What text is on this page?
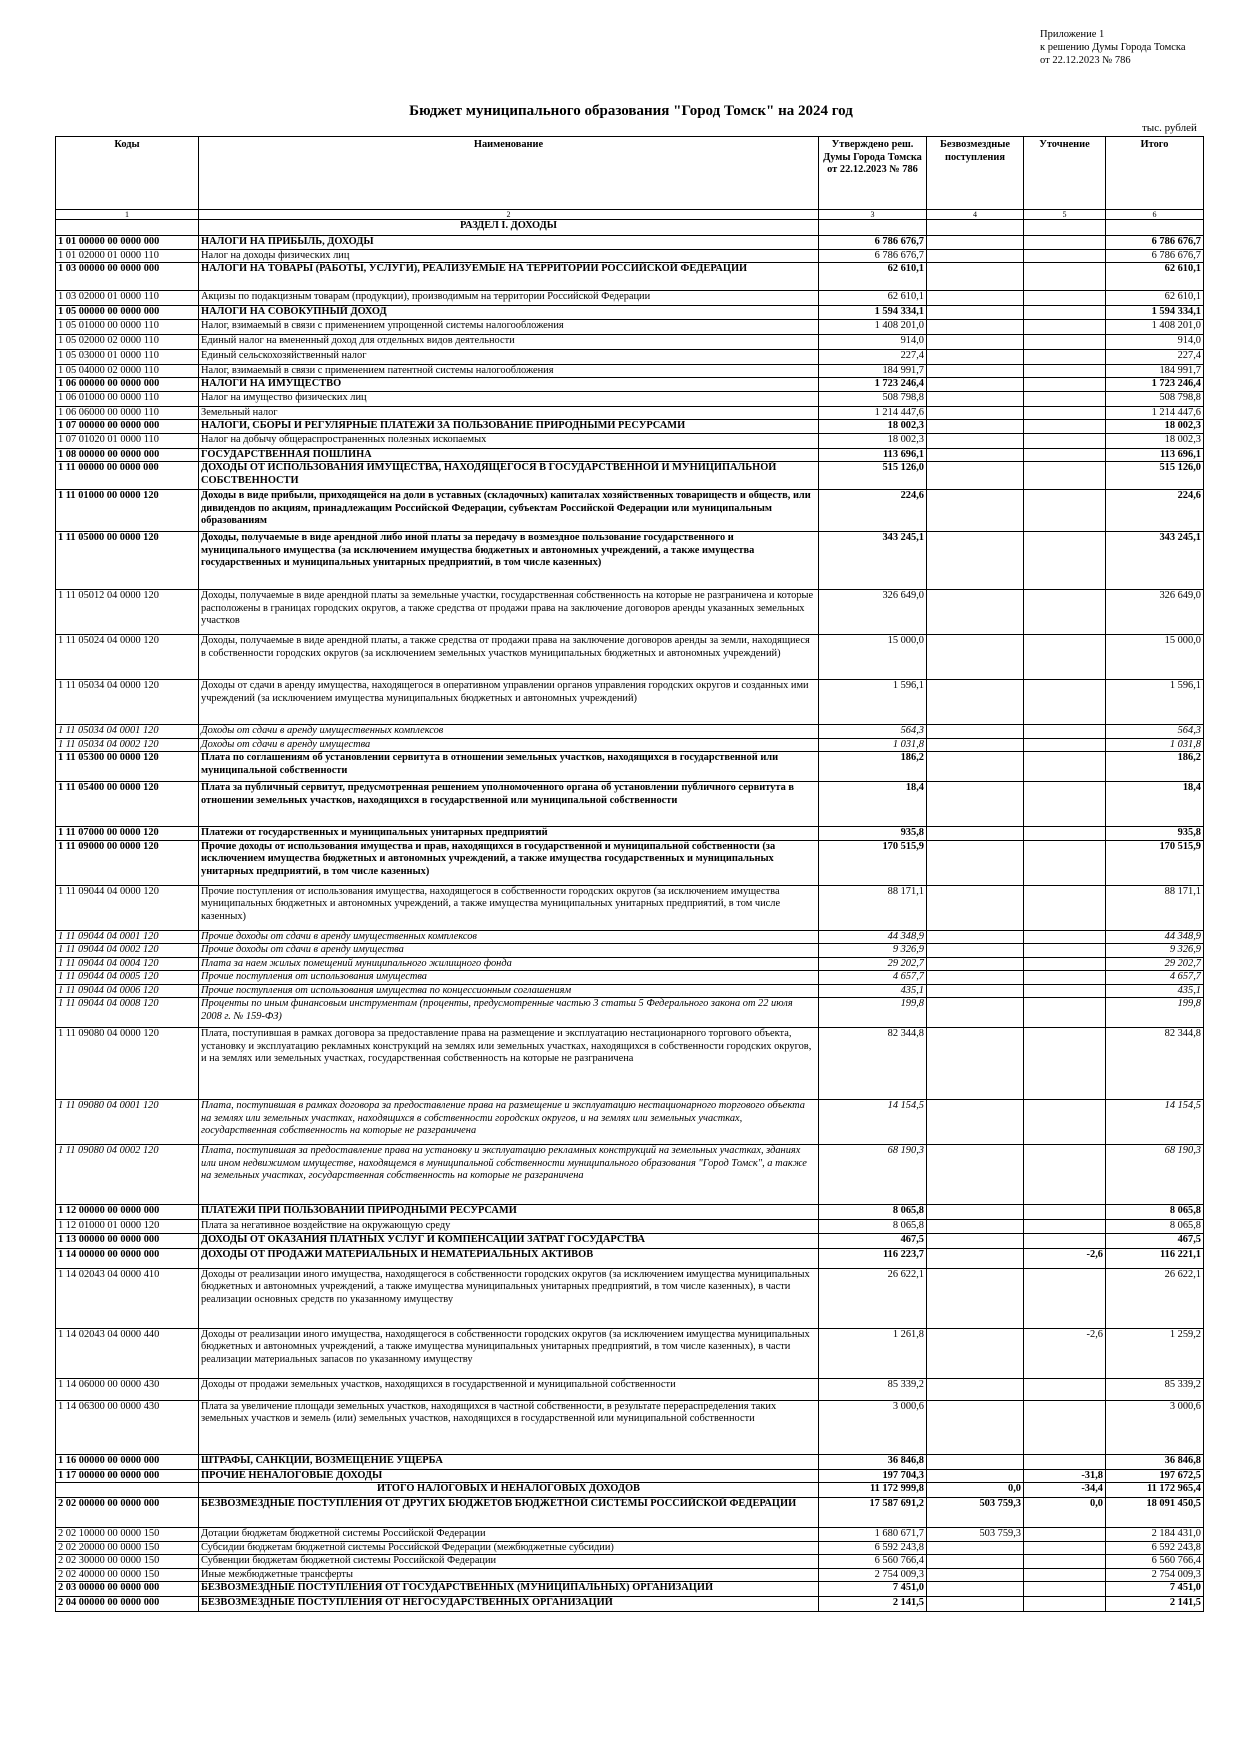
Приложение 1
к решению Думы Города Томска
от 22.12.2023 № 786
Бюджет муниципального образования "Город Томск" на 2024 год
тыс. рублей
Коды	Наименование	Утверждено реш. Думы Города Томска от 22.12.2023 № 786	Безвозмездные поступления	Уточнение	Итого
1	2	3	4	5	6
	РАЗДЕЛ I. ДОХОДЫ				
1 01 00000 00 0000 000	НАЛОГИ НА ПРИБЫЛЬ, ДОХОДЫ	6 786 676,7			6 786 676,7
1 01 02000 01 0000 110	Налог на доходы физических лиц	6 786 676,7			6 786 676,7
1 03 00000 00 0000 000	НАЛОГИ НА ТОВАРЫ (РАБОТЫ, УСЛУГИ), РЕАЛИЗУЕМЫЕ НА ТЕРРИТОРИИ РОССИЙСКОЙ ФЕДЕРАЦИИ	62 610,1			62 610,1
1 03 02000 01 0000 110	Акцизы по подакцизным товарам (продукции), производимым на территории Российской Федерации	62 610,1			62 610,1
1 05 00000 00 0000 000	НАЛОГИ НА СОВОКУПНЫЙ ДОХОД	1 594 334,1			1 594 334,1
1 05 01000 00 0000 110	Налог, взимаемый в связи с применением упрощенной системы налогообложения	1 408 201,0			1 408 201,0
1 05 02000 02 0000 110	Единый налог на вмененный доход для отдельных видов деятельности	914,0			914,0
1 05 03000 01 0000 110	Единый сельскохозяйственный налог	227,4			227,4
1 05 04000 02 0000 110	Налог, взимаемый в связи с применением патентной системы налогообложения	184 991,7			184 991,7
1 06 00000 00 0000 000	НАЛОГИ НА ИМУЩЕСТВО	1 723 246,4			1 723 246,4
1 06 01000 00 0000 110	Налог на имущество физических лиц	508 798,8			508 798,8
1 06 06000 00 0000 110	Земельный налог	1 214 447,6			1 214 447,6
1 07 00000 00 0000 000	НАЛОГИ, СБОРЫ И РЕГУЛЯРНЫЕ ПЛАТЕЖИ ЗА ПОЛЬЗОВАНИЕ ПРИРОДНЫМИ РЕСУРСАМИ	18 002,3			18 002,3
1 07 01020 01 0000 110	Налог на добычу общераспространенных полезных ископаемых	18 002,3			18 002,3
1 08 00000 00 0000 000	ГОСУДАРСТВЕННАЯ ПОШЛИНА	113 696,1			113 696,1
1 11 00000 00 0000 000	ДОХОДЫ ОТ ИСПОЛЬЗОВАНИЯ ИМУЩЕСТВА, НАХОДЯЩЕГОСЯ В ГОСУДАРСТВЕННОЙ И МУНИЦИПАЛЬНОЙ СОБСТВЕННОСТИ	515 126,0			515 126,0
1 11 01000 00 0000 120	Доходы в виде прибыли, приходящейся на доли в уставных (складочных) капиталах хозяйственных товариществ и обществ, или дивидендов по акциям, принадлежащим Российской Федерации, субъектам Российской Федерации или муниципальным образованиям	224,6			224,6
1 11 05000 00 0000 120	Доходы, получаемые в виде арендной либо иной платы за передачу в возмездное пользование государственного и муниципального имущества (за исключением имущества бюджетных и автономных учреждений, а также имущества государственных и муниципальных унитарных предприятий, в том числе казенных)	343 245,1			343 245,1
1 11 05012 04 0000 120	Доходы, получаемые в виде арендной платы за земельные участки, государственная собственность на которые не разграничена и которые расположены в границах городских округов, а также средства от продажи права на заключение договоров аренды указанных земельных участков	326 649,0			326 649,0
1 11 05024 04 0000 120	Доходы, получаемые в виде арендной платы, а также средства от продажи права на заключение договоров аренды за земли, находящиеся в собственности городских округов (за исключением земельных участков муниципальных бюджетных и автономных учреждений)	15 000,0			15 000,0
1 11 05034 04 0000 120	Доходы от сдачи в аренду имущества, находящегося в оперативном управлении органов управления городских округов и созданных ими учреждений (за исключением имущества муниципальных бюджетных и автономных учреждений)	1 596,1			1 596,1
1 11 05034 04 0001 120	Доходы от сдачи в аренду имущественных комплексов	564,3			564,3
1 11 05034 04 0002 120	Доходы от сдачи в аренду имущества	1 031,8			1 031,8
1 11 05300 00 0000 120	Плата по соглашениям об установлении сервитута в отношении земельных участков, находящихся в государственной или муниципальной собственности	186,2			186,2
1 11 05400 00 0000 120	Плата за публичный сервитут, предусмотренная решением уполномоченного органа об установлении публичного сервитута в отношении земельных участков, находящихся в государственной или муниципальной собственности	18,4			18,4
1 11 07000 00 0000 120	Платежи от государственных и муниципальных унитарных предприятий	935,8			935,8
1 11 09000 00 0000 120	Прочие доходы от использования имущества и прав, находящихся в государственной и муниципальной собственности (за исключением имущества бюджетных и автономных учреждений, а также имущества государственных и муниципальных унитарных предприятий, в том числе казенных)	170 515,9			170 515,9
1 11 09044 04 0000 120	Прочие поступления от использования имущества, находящегося в собственности городских округов (за исключением имущества муниципальных бюджетных и автономных учреждений, а также имущества муниципальных унитарных предприятий, в том числе казенных)	88 171,1			88 171,1
1 11 09044 04 0001 120	Прочие доходы от сдачи в аренду имущественных комплексов	44 348,9			44 348,9
1 11 09044 04 0002 120	Прочие доходы от сдачи в аренду имущества	9 326,9			9 326,9
1 11 09044 04 0004 120	Плата за наем жилых помещений муниципального жилищного фонда	29 202,7			29 202,7
1 11 09044 04 0005 120	Прочие поступления от использования имущества	4 657,7			4 657,7
1 11 09044 04 0006 120	Прочие поступления от использования имущества по концессионным соглашениям	435,1			435,1
1 11 09044 04 0008 120	Проценты по иным финансовым инструментам (проценты, предусмотренные частью 3 статьи 5 Федерального закона от 22 июля 2008 г. № 159-ФЗ)	199,8			199,8
1 11 09080 04 0000 120	Плата, поступившая в рамках договора за предоставление права на размещение и эксплуатацию нестационарного торгового объекта, установку и эксплуатацию рекламных конструкций на землях или земельных участках, находящихся в собственности городских округов, и на землях или земельных участках, государственная собственность на которые не разграничена	82 344,8			82 344,8
1 11 09080 04 0001 120	Плата, поступившая в рамках договора за предоставление права на размещение и эксплуатацию нестационарного торгового объекта на землях или земельных участках, находящихся в собственности городских округов, и на землях или земельных участках, государственная собственность на которые не разграничена	14 154,5			14 154,5
1 11 09080 04 0002 120	Плата, поступившая за предоставление права на установку и эксплуатацию рекламных конструкций на земельных участках, зданиях или ином недвижимом имуществе, находящемся в муниципальной собственности муниципального образования "Город Томск", а также на земельных участках, государственная собственность на которые не разграничена	68 190,3			68 190,3
1 12 00000 00 0000 000	ПЛАТЕЖИ ПРИ ПОЛЬЗОВАНИИ ПРИРОДНЫМИ РЕСУРСАМИ	8 065,8			8 065,8
1 12 01000 01 0000 120	Плата за негативное воздействие на окружающую среду	8 065,8			8 065,8
1 13 00000 00 0000 000	ДОХОДЫ ОТ ОКАЗАНИЯ ПЛАТНЫХ УСЛУГ И КОМПЕНСАЦИИ ЗАТРАТ ГОСУДАРСТВА	467,5			467,5
1 14 00000 00 0000 000	ДОХОДЫ ОТ ПРОДАЖИ МАТЕРИАЛЬНЫХ И НЕМАТЕРИАЛЬНЫХ АКТИВОВ	116 223,7		-2,6	116 221,1
1 14 02043 04 0000 410	Доходы от реализации иного имущества, находящегося в собственности городских округов (за исключением имущества муниципальных бюджетных и автономных учреждений, а также имущества муниципальных унитарных предприятий, в том числе казенных), в части реализации основных средств по указанному имуществу	26 622,1			26 622,1
1 14 02043 04 0000 440	Доходы от реализации иного имущества, находящегося в собственности городских округов (за исключением имущества муниципальных бюджетных и автономных учреждений, а также имущества муниципальных унитарных предприятий, в том числе казенных), в части реализации материальных запасов по указанному имуществу	1 261,8		-2,6	1 259,2
1 14 06000 00 0000 430	Доходы от продажи земельных участков, находящихся в государственной и муниципальной собственности	85 339,2			85 339,2
1 14 06300 00 0000 430	Плата за увеличение площади земельных участков, находящихся в частной собственности, в результате перераспределения таких земельных участков и земель (или) земельных участков, находящихся в государственной или муниципальной собственности	3 000,6			3 000,6
1 16 00000 00 0000 000	ШТРАФЫ, САНКЦИИ, ВОЗМЕЩЕНИЕ УЩЕРБА	36 846,8			36 846,8
1 17 00000 00 0000 000	ПРОЧИЕ НЕНАЛОГОВЫЕ ДОХОДЫ	197 704,3		-31,8	197 672,5
	ИТОГО НАЛОГОВЫХ И НЕНАЛОГОВЫХ ДОХОДОВ	11 172 999,8	0,0	-34,4	11 172 965,4
2 02 00000 00 0000 000	БЕЗВОЗМЕЗДНЫЕ ПОСТУПЛЕНИЯ ОТ ДРУГИХ БЮДЖЕТОВ БЮДЖЕТНОЙ СИСТЕМЫ РОССИЙСКОЙ ФЕДЕРАЦИИ	17 587 691,2	503 759,3	0,0	18 091 450,5
2 02 10000 00 0000 150	Дотации бюджетам бюджетной системы Российской Федерации	1 680 671,7	503 759,3		2 184 431,0
2 02 20000 00 0000 150	Субсидии бюджетам бюджетной системы Российской Федерации (межбюджетные субсидии)	6 592 243,8			6 592 243,8
2 02 30000 00 0000 150	Субвенции бюджетам бюджетной системы Российской Федерации	6 560 766,4			6 560 766,4
2 02 40000 00 0000 150	Иные межбюджетные трансферты	2 754 009,3			2 754 009,3
2 03 00000 00 0000 000	БЕЗВОЗМЕЗДНЫЕ ПОСТУПЛЕНИЯ ОТ ГОСУДАРСТВЕННЫХ (МУНИЦИПАЛЬНЫХ) ОРГАНИЗАЦИЙ	7 451,0			7 451,0
2 04 00000 00 0000 000	БЕЗВОЗМЕЗДНЫЕ ПОСТУПЛЕНИЯ ОТ НЕГОСУДАРСТВЕННЫХ ОРГАНИЗАЦИЙ	2 141,5			2 141,5
